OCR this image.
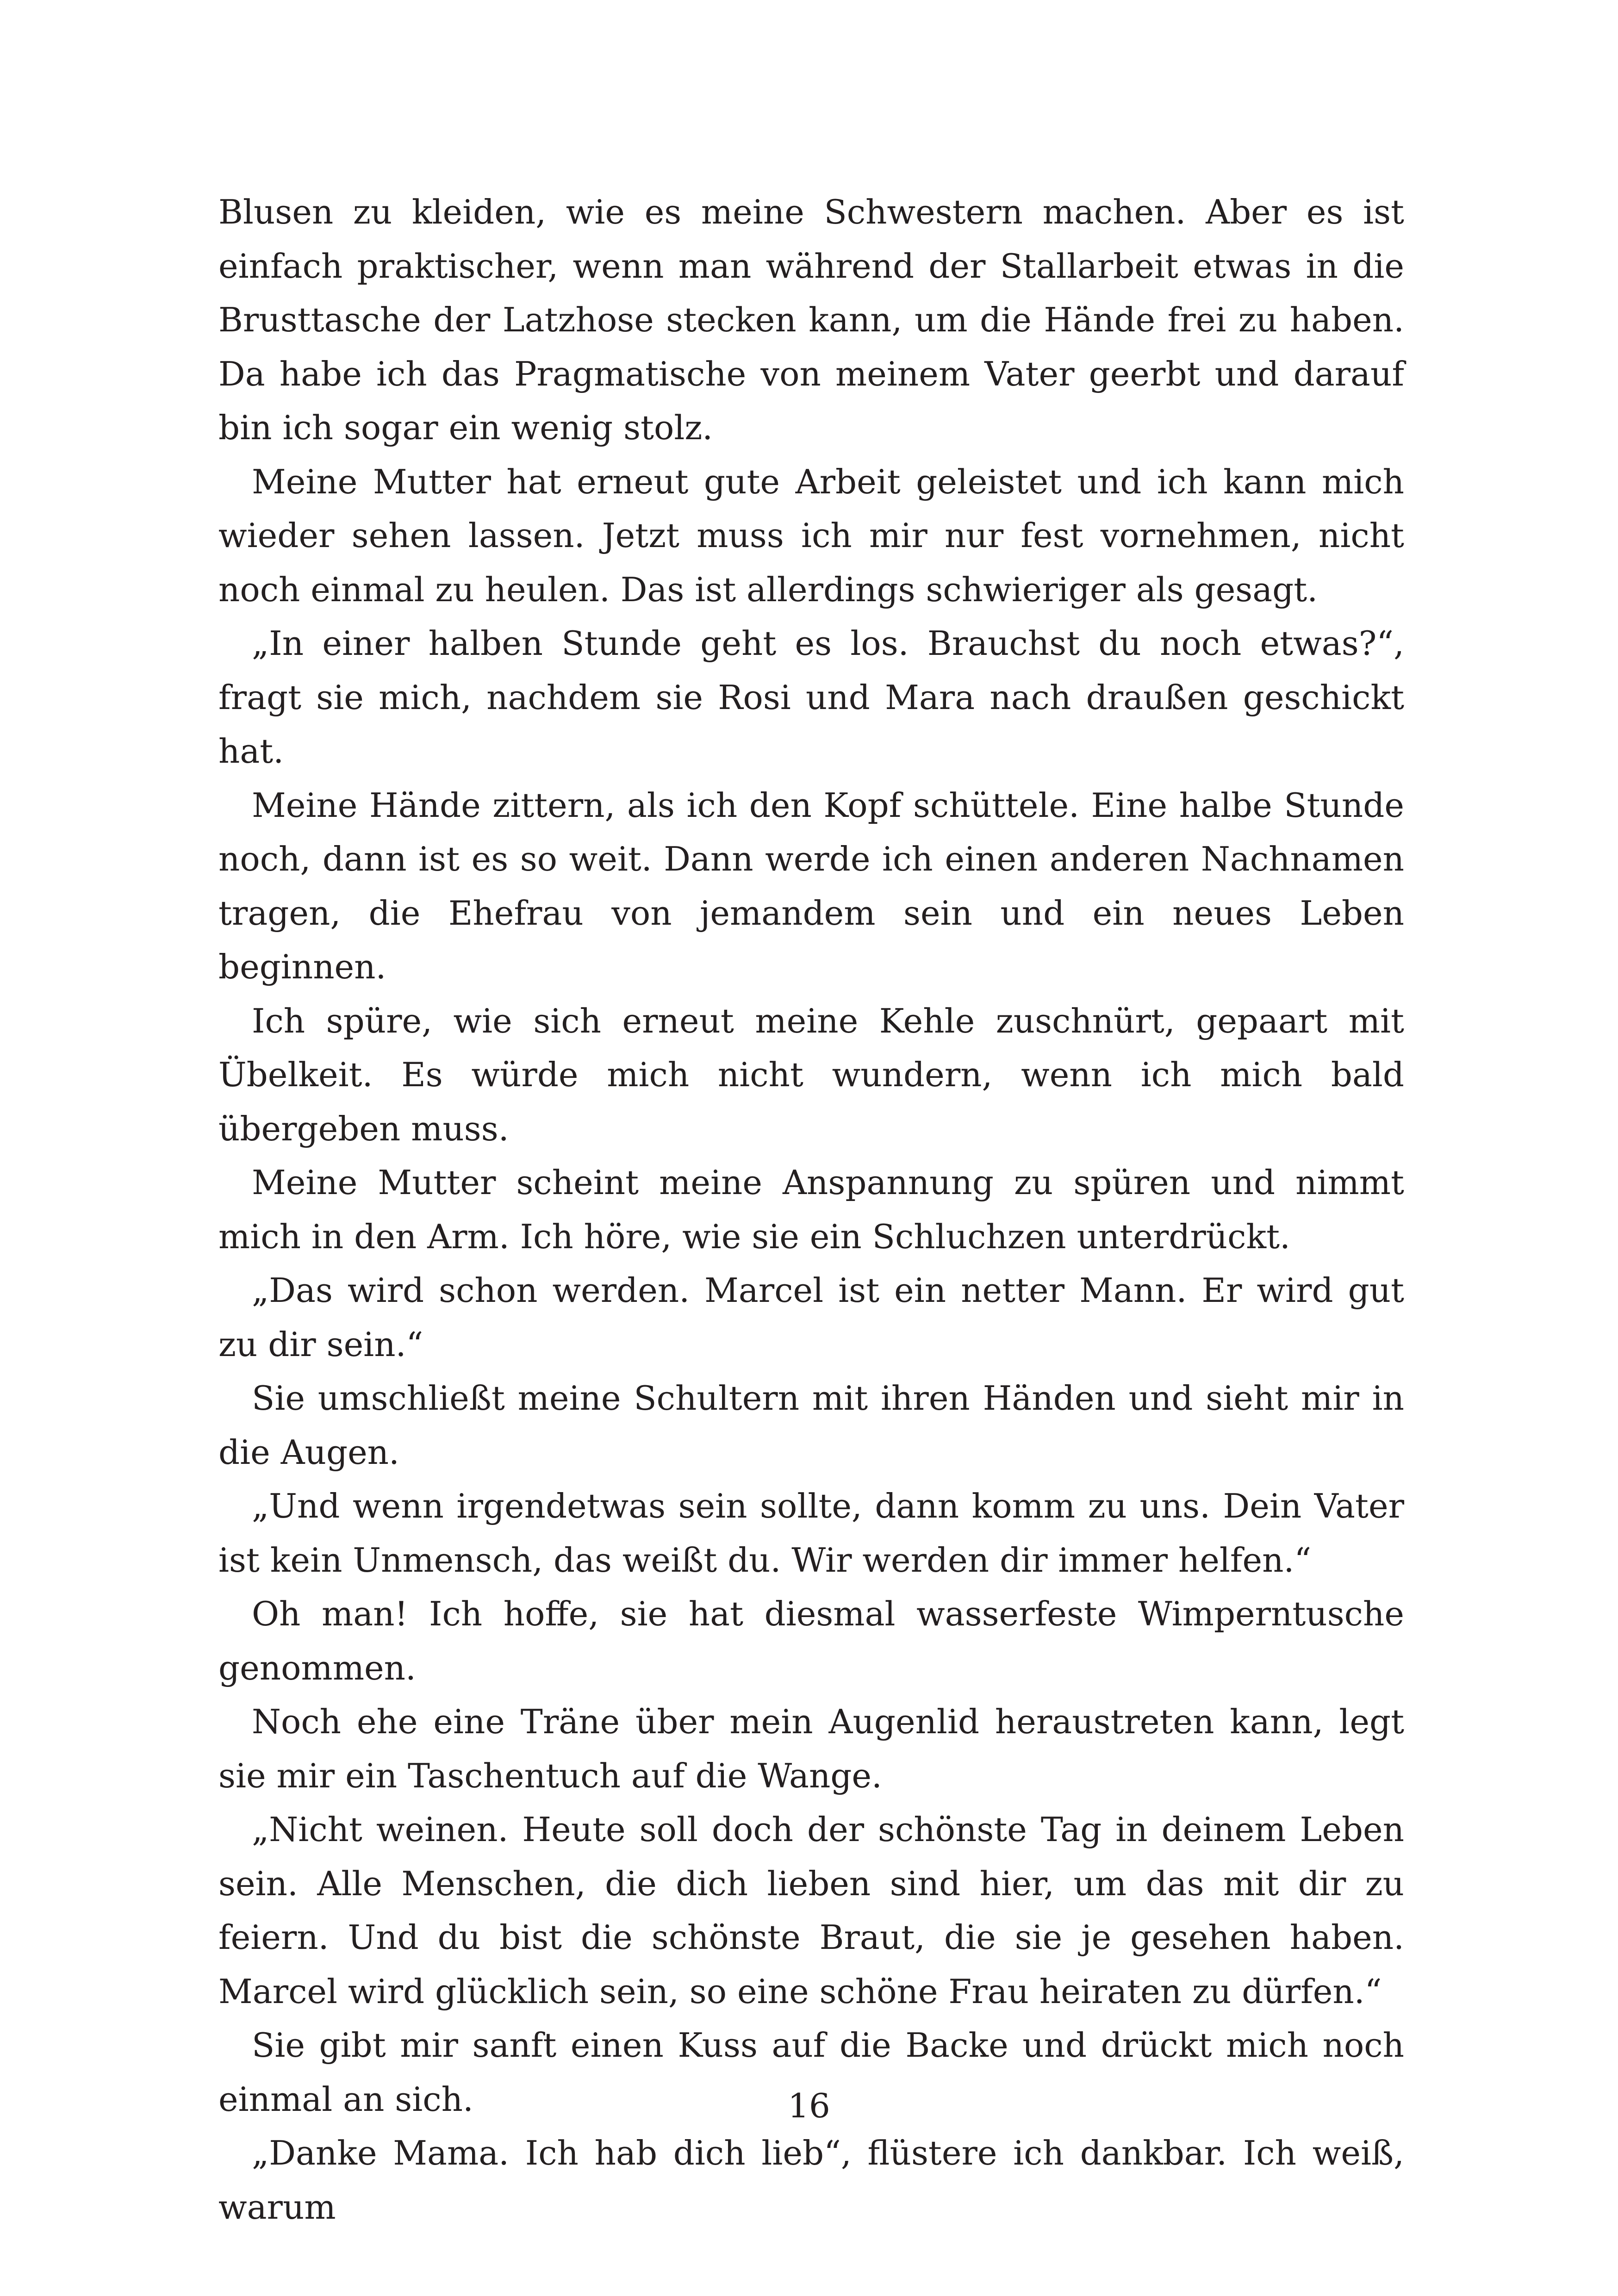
Blusen zu kleiden, wie es meine Schwestern machen. Aber es ist einfach praktischer, wenn man während der Stallarbeit etwas in die Brusttasche der Latzhose stecken kann, um die Hände frei zu haben. Da habe ich das Pragmatische von meinem Vater geerbt und darauf bin ich sogar ein wenig stolz.

Meine Mutter hat erneut gute Arbeit geleistet und ich kann mich wieder sehen lassen. Jetzt muss ich mir nur fest vornehmen, nicht noch einmal zu heulen. Das ist allerdings schwieriger als gesagt.

„In einer halben Stunde geht es los. Brauchst du noch etwas?“, fragt sie mich, nachdem sie Rosi und Mara nach draußen geschickt hat.

Meine Hände zittern, als ich den Kopf schüttele. Eine halbe Stunde noch, dann ist es so weit. Dann werde ich einen anderen Nachnamen tragen, die Ehefrau von jemandem sein und ein neues Leben beginnen.

Ich spüre, wie sich erneut meine Kehle zuschnürt, gepaart mit Übelkeit. Es würde mich nicht wundern, wenn ich mich bald übergeben muss.

Meine Mutter scheint meine Anspannung zu spüren und nimmt mich in den Arm. Ich höre, wie sie ein Schluchzen unterdrückt.

„Das wird schon werden. Marcel ist ein netter Mann. Er wird gut zu dir sein.“

Sie umschließt meine Schultern mit ihren Händen und sieht mir in die Augen.

„Und wenn irgendetwas sein sollte, dann komm zu uns. Dein Vater ist kein Unmensch, das weißt du. Wir werden dir immer helfen.“

Oh man! Ich hoffe, sie hat diesmal wasserfeste Wimperntusche genommen.

Noch ehe eine Träne über mein Augenlid heraustreten kann, legt sie mir ein Taschentuch auf die Wange.

„Nicht weinen. Heute soll doch der schönste Tag in deinem Leben sein. Alle Menschen, die dich lieben sind hier, um das mit dir zu feiern. Und du bist die schönste Braut, die sie je gesehen haben. Marcel wird glücklich sein, so eine schöne Frau heiraten zu dürfen.“

Sie gibt mir sanft einen Kuss auf die Backe und drückt mich noch einmal an sich.

„Danke Mama. Ich hab dich lieb“, flüstere ich dankbar. Ich weiß, warum

16
